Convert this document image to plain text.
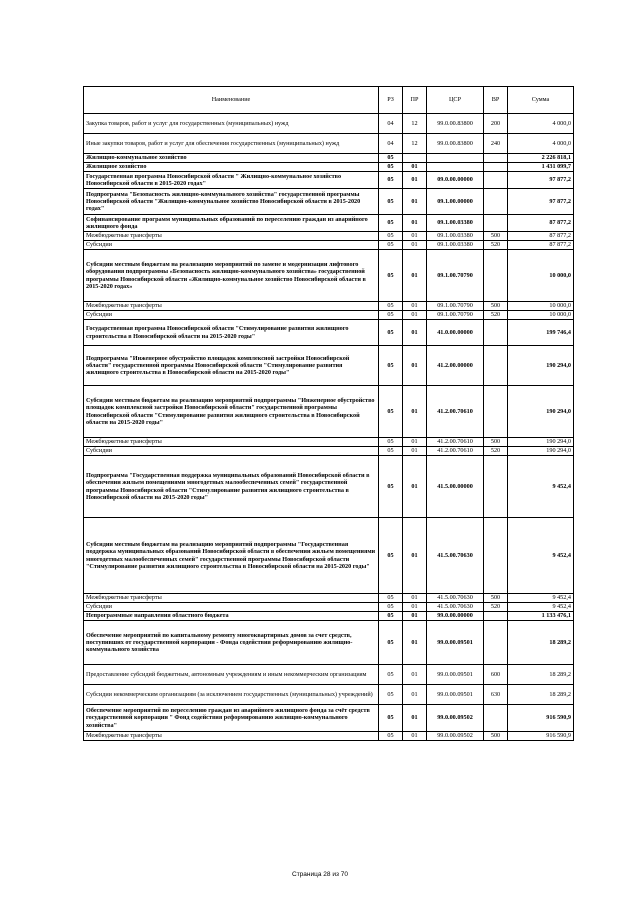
Наименование	РЗ	ПР	ЦСР	ВР	Сумма
Закупка товаров, работ и услуг для государственных (муниципальных) нужд	04	12	99.0.00.83800	200	4 000,0
Иные закупки товаров, работ и услуг для обеспечения государственных (муниципальных) нужд	04	12	99.0.00.83800	240	4 000,0
Жилищно-коммунальное хозяйство	05				2 226 818,1
Жилищное хозяйство	05	01			1 431 099,7
Государственная программа Новосибирской области " Жилищно-коммунальное хозяйство Новосибирской области в 2015-2020 годах"	05	01	09.0.00.00000		97 877,2
Подпрограмма "Безопасность жилищно-коммунального хозяйства" государственной программы Новосибирской области "Жилищно-коммунальное хозяйство Новосибирской области в 2015-2020 годах"	05	01	09.1.00.00000		97 877,2
Софинансирование программ муниципальных образований по переселению граждан из аварийного жилищного фонда	05	01	09.1.00.03380		87 877,2
Межбюджетные трансферты	05	01	09.1.00.03380	500	87 877,2
Субсидии	05	01	09.1.00.03380	520	87 877,2
Субсидии местным бюджетам на реализацию мероприятий по замене и модернизации лифтового оборудования подпрограммы «Безопасность жилищно-коммунального хозяйства» государственной программы Новосибирской области «Жилищно-коммунальное хозяйство Новосибирской области в 2015-2020 годах»	05	01	09.1.00.70790		10 000,0
Межбюджетные трансферты	05	01	09.1.00.70790	500	10 000,0
Субсидии	05	01	09.1.00.70790	520	10 000,0
Государственная программа Новосибирской области "Стимулирование развития жилищного строительства в Новосибирской области на 2015-2020 годы"	05	01	41.0.00.00000		199 746,4
Подпрограмма "Инженерное обустройство площадок комплексной застройки Новосибирской области" государственной программы Новосибирской области "Стимулирование развития жилищного строительства в Новосибирской области на 2015-2020 годы"	05	01	41.2.00.00000		190 294,0
Субсидии местным бюджетам на реализацию мероприятий подпрограммы "Инженерное обустройство площадок комплексной застройки Новосибирской области" государственной программы Новосибирской области "Стимулирование развития жилищного строительства в Новосибирской области на 2015-2020 годы"	05	01	41.2.00.70610		190 294,0
Межбюджетные трансферты	05	01	41.2.00.70610	500	190 294,0
Субсидии	05	01	41.2.00.70610	520	190 294,0
Подпрограмма "Государственная поддержка муниципальных образований Новосибирской области в обеспечении жильем помещениями многодетных малообеспеченных семей" государственной программы Новосибирской области "Стимулирование развития жилищного строительства в Новосибирской области на 2015-2020 годы"	05	01	41.5.00.00000		9 452,4
Субсидии местным бюджетам на реализацию мероприятий подпрограммы "Государственная поддержка муниципальных образований Новосибирской области в обеспечении жильем помещениями многодетных малообеспеченных семей" государственной программы Новосибирской области "Стимулирование развития жилищного строительства в Новосибирской области на 2015-2020 годы"	05	01	41.5.00.70630		9 452,4
Межбюджетные трансферты	05	01	41.5.00.70630	500	9 452,4
Субсидии	05	01	41.5.00.70630	520	9 452,4
Непрограммные направления областного бюджета	05	01	99.0.00.00000		1 133 476,1
Обеспечение мероприятий по капитальному ремонту многоквартирных домов за счет средств, поступивших от государственной корпорации - Фонда содействия реформированию жилищно-коммунального хозяйства	05	01	99.0.00.09501		18 289,2
Предоставление субсидий бюджетным, автономным учреждениям и иным некоммерческим организациям	05	01	99.0.00.09501	600	18 289,2
Субсидии некоммерческим организациям (за исключением государственных (муниципальных) учреждений)	05	01	99.0.00.09501	630	18 289,2
Обеспечение мероприятий по переселению граждан из аварийного жилищного фонда за счёт средств государственной корпорации " Фонд содействия реформированию жилищно-коммунального хозяйства"	05	01	99.0.00.09502		916 590,9
Межбюджетные трансферты	05	01	99.0.00.09502	500	916 590,9
Страница 28 из 70
